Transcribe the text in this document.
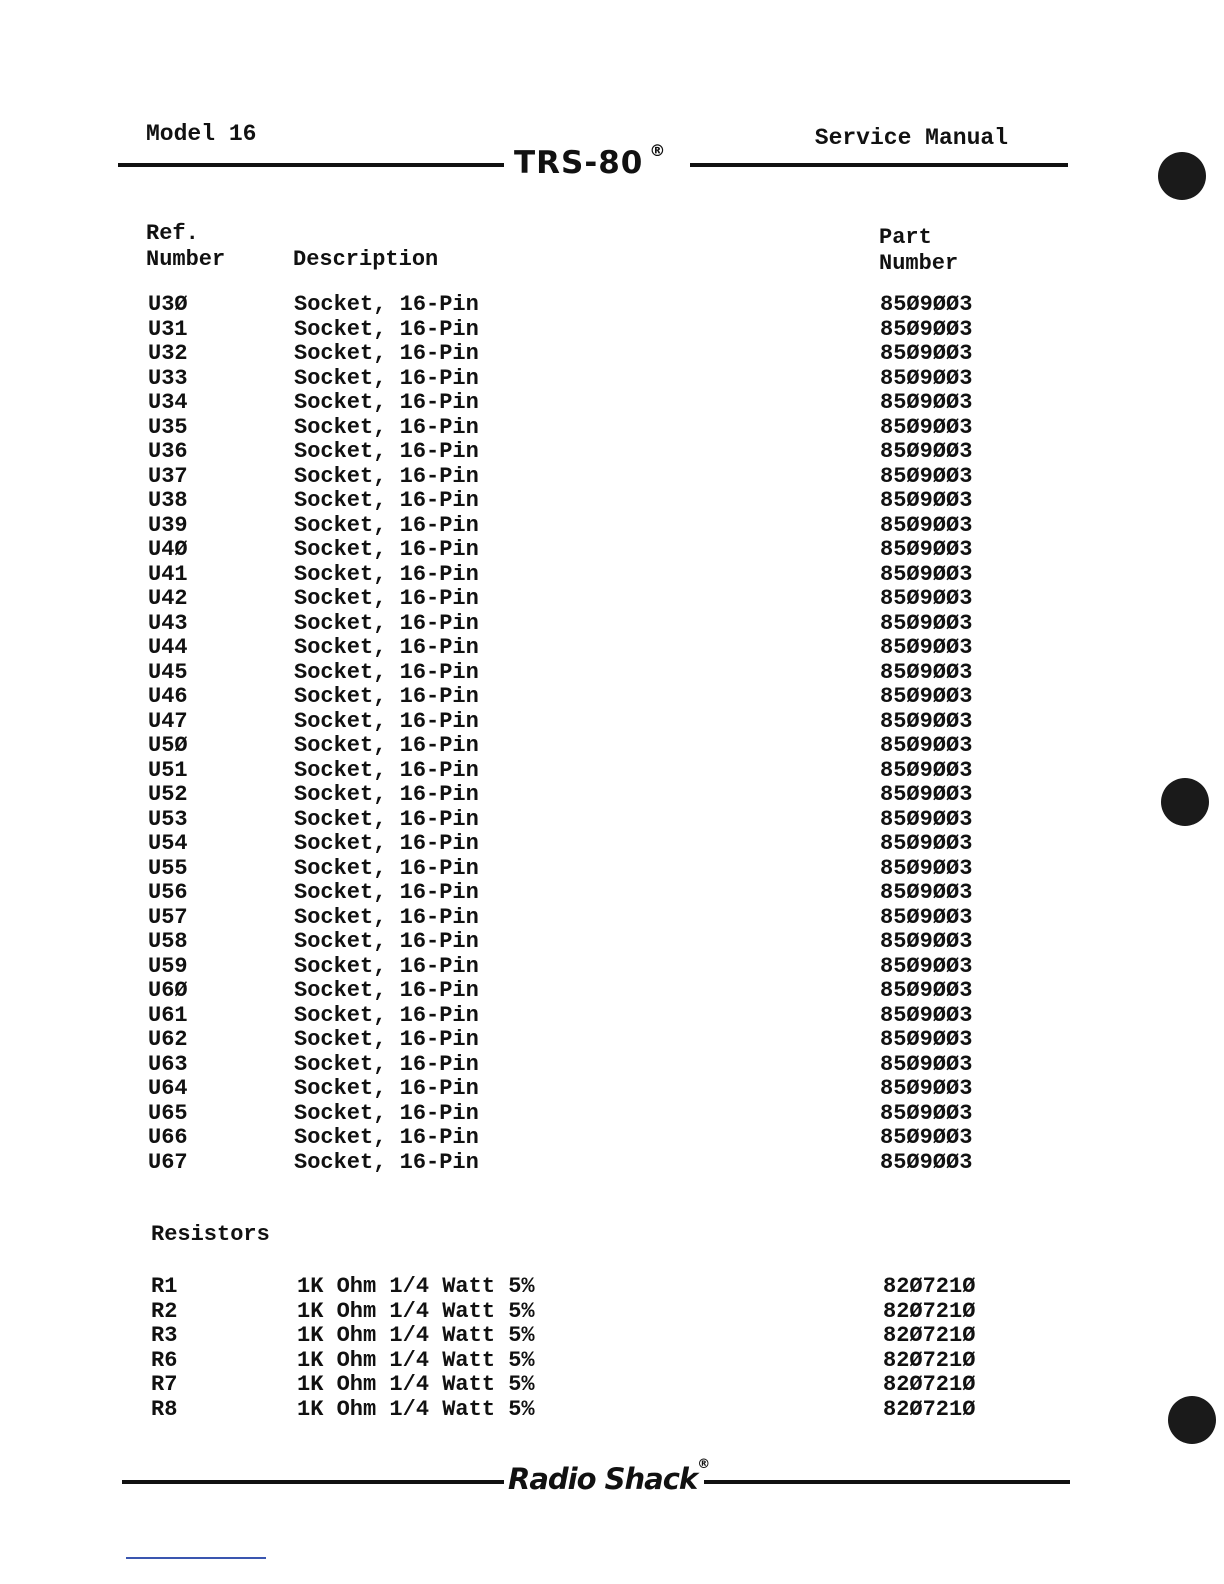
Model 16	Service Manual
TRS-80 ®
Ref.
Number	Description
Part
Number
U3Ø	Socket, 16-Pin	85Ø9ØØ3
U31	Socket, 16-Pin	85Ø9ØØ3
U32	Socket, 16-Pin	85Ø9ØØ3
U33	Socket, 16-Pin	85Ø9ØØ3
U34	Socket, 16-Pin	85Ø9ØØ3
U35	Socket, 16-Pin	85Ø9ØØ3
U36	Socket, 16-Pin	85Ø9ØØ3
U37	Socket, 16-Pin	85Ø9ØØ3
U38	Socket, 16-Pin	85Ø9ØØ3
U39	Socket, 16-Pin	85Ø9ØØ3
U4Ø	Socket, 16-Pin	85Ø9ØØ3
U41	Socket, 16-Pin	85Ø9ØØ3
U42	Socket, 16-Pin	85Ø9ØØ3
U43	Socket, 16-Pin	85Ø9ØØ3
U44	Socket, 16-Pin	85Ø9ØØ3
U45	Socket, 16-Pin	85Ø9ØØ3
U46	Socket, 16-Pin	85Ø9ØØ3
U47	Socket, 16-Pin	85Ø9ØØ3
U5Ø	Socket, 16-Pin	85Ø9ØØ3
U51	Socket, 16-Pin	85Ø9ØØ3
U52	Socket, 16-Pin	85Ø9ØØ3
U53	Socket, 16-Pin	85Ø9ØØ3
U54	Socket, 16-Pin	85Ø9ØØ3
U55	Socket, 16-Pin	85Ø9ØØ3
U56	Socket, 16-Pin	85Ø9ØØ3
U57	Socket, 16-Pin	85Ø9ØØ3
U58	Socket, 16-Pin	85Ø9ØØ3
U59	Socket, 16-Pin	85Ø9ØØ3
U6Ø	Socket, 16-Pin	85Ø9ØØ3
U61	Socket, 16-Pin	85Ø9ØØ3
U62	Socket, 16-Pin	85Ø9ØØ3
U63	Socket, 16-Pin	85Ø9ØØ3
U64	Socket, 16-Pin	85Ø9ØØ3
U65	Socket, 16-Pin	85Ø9ØØ3
U66	Socket, 16-Pin	85Ø9ØØ3
U67	Socket, 16-Pin	85Ø9ØØ3
Resistors
R1	1K Ohm 1/4 Watt 5%	82Ø721Ø
R2	1K Ohm 1/4 Watt 5%	82Ø721Ø
R3	1K Ohm 1/4 Watt 5%	82Ø721Ø
R6	1K Ohm 1/4 Watt 5%	82Ø721Ø
R7	1K Ohm 1/4 Watt 5%	82Ø721Ø
R8	1K Ohm 1/4 Watt 5%	82Ø721Ø
Radio Shack®
